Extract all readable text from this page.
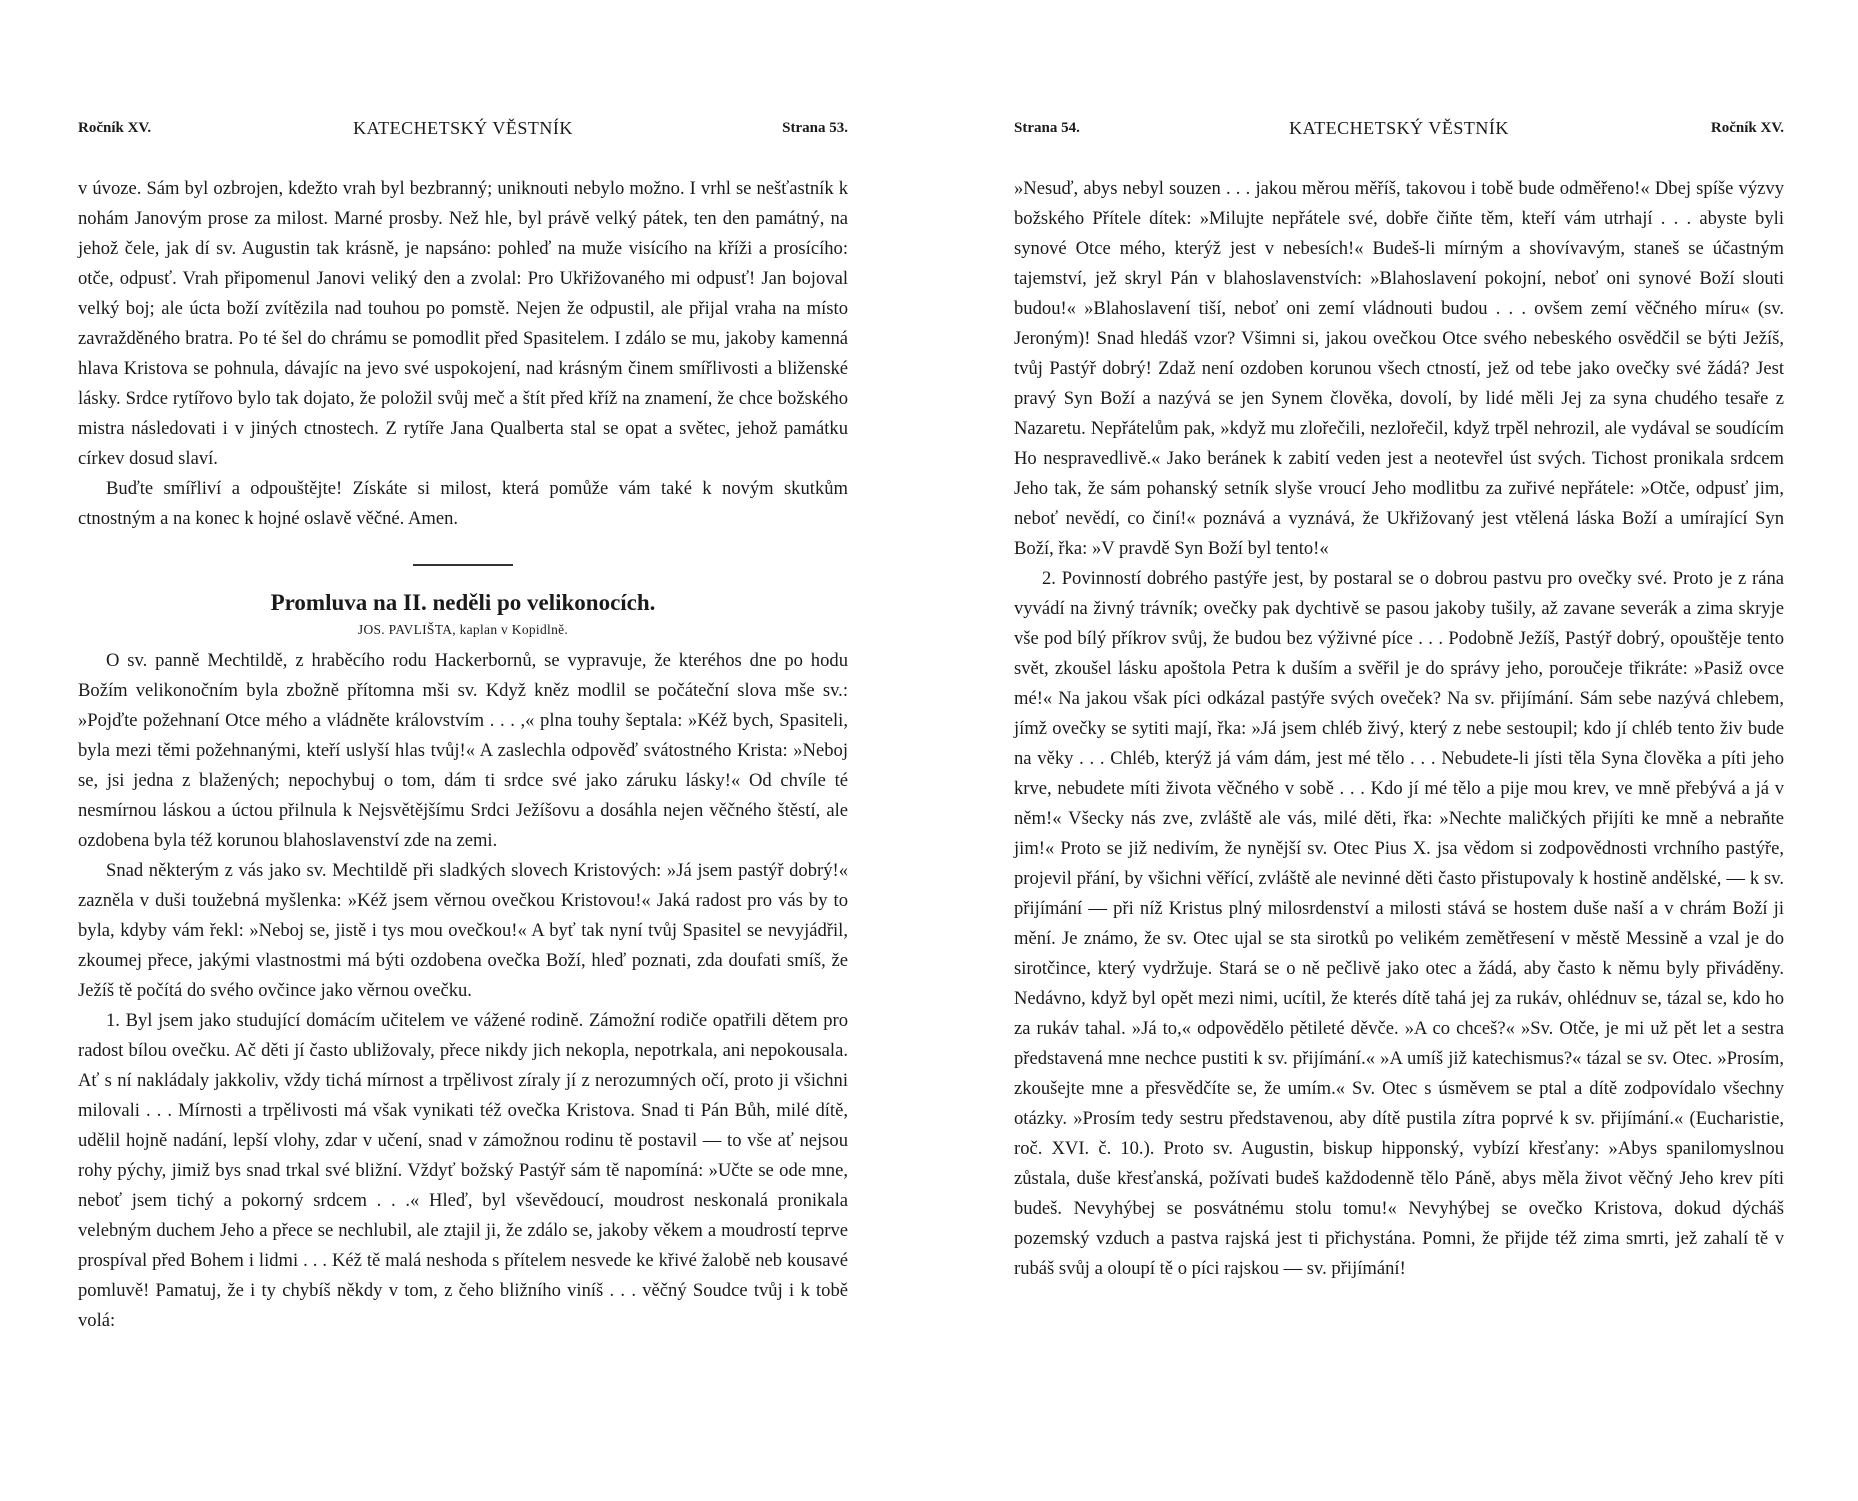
Ročník XV.	KATECHETSKÝ VĚSTNÍK	Strana 53.

v úvoze. Sám byl ozbrojen, kdežto vrah byl bezbranný; uniknouti nebylo možno. I vrhl se nešťastník k nohám Janovým prose za milost. Marné prosby. Než hle, byl právě velký pátek, ten den památný, na jehož čele, jak dí sv. Augustin tak krásně, je napsáno: pohleď na muže visícího na kříži a prosícího: otče, odpusť. Vrah připomenul Janovi veliký den a zvolal: Pro Ukřižovaného mi odpusť! Jan bojoval velký boj; ale úcta boží zvítězila nad touhou po pomstě. Nejen že odpustil, ale přijal vraha na místo zavražděného bratra. Po té šel do chrámu se pomodlit před Spasitelem. I zdálo se mu, jakoby kamenná hlava Kristova se pohnula, dávajíc na jevo své uspokojení, nad krásným činem smířlivosti a bliženské lásky. Srdce rytířovo bylo tak dojato, že položil svůj meč a štít před kříž na znamení, že chce božského mistra následovati i v jiných ctnostech. Z rytíře Jana Qualberta stal se opat a světec, jehož památku církev dosud slaví.

Buďte smířliví a odpouštějte! Získáte si milost, která pomůže vám také k novým skutkům ctnostným a na konec k hojné oslavě věčné. Amen.

Promluva na II. neděli po velikonocích.
JOS. PAVLIŠTA, kaplan v Kopidlně.

O sv. panně Mechtildě, z hraběcího rodu Hackerbornů, se vypravuje, že kteréhos dne po hodu Božím velikonočním byla zbožně přítomna mši sv. Když kněz modlil se počáteční slova mše sv.: »Pojďte požehnaní Otce mého a vládněte královstvím . . . ,« plna touhy šeptala: »Kéž bych, Spasiteli, byla mezi těmi požehnanými, kteří uslyší hlas tvůj!« A zaslechla odpověď svátostného Krista: »Neboj se, jsi jedna z blažených; nepochybuj o tom, dám ti srdce své jako záruku lásky!« Od chvíle té nesmírnou láskou a úctou přilnula k Nejsvětějšímu Srdci Ježíšovu a dosáhla nejen věčného štěstí, ale ozdobena byla též korunou blahoslavenství zde na zemi.

Snad některým z vás jako sv. Mechtildě při sladkých slovech Kristových: »Já jsem pastýř dobrý!« zazněla v duši toužebná myšlenka: »Kéž jsem věrnou ovečkou Kristovou!« Jaká radost pro vás by to byla, kdyby vám řekl: »Neboj se, jistě i tys mou ovečkou!« A byť tak nyní tvůj Spasitel se nevyjádřil, zkoumej přece, jakými vlastnostmi má býti ozdobena ovečka Boží, hleď poznati, zda doufati smíš, že Ježíš tě počítá do svého ovčince jako věrnou ovečku.

1. Byl jsem jako studující domácím učitelem ve vážené rodině. Zámožní rodiče opatřili dětem pro radost bílou ovečku. Ač děti jí často ubližovaly, přece nikdy jich nekopla, nepotrkala, ani nepokousala. Ať s ní nakládaly jakkoliv, vždy tichá mírnost a trpělivost zíraly jí z nerozumných očí, proto ji všichni milovali . . . Mírnosti a trpělivosti má však vynikati též ovečka Kristova. Snad ti Pán Bůh, milé dítě, udělil hojně nadání, lepší vlohy, zdar v učení, snad v zámožnou rodinu tě postavil — to vše ať nejsou rohy pýchy, jimiž bys snad trkal své bližní. Vždyť božský Pastýř sám tě napomíná: »Učte se ode mne, neboť jsem tichý a pokorný srdcem . . .« Hleď, byl vševědoucí, moudrost neskonalá pronikala velebným duchem Jeho a přece se nechlubil, ale ztajil ji, že zdálo se, jakoby věkem a moudrostí teprve prospíval před Bohem i lidmi . . . Kéž tě malá neshoda s přítelem nesvede ke křivé žalobě neb kousavé pomluvě! Pamatuj, že i ty chybíš někdy v tom, z čeho bližního viníš . . . věčný Soudce tvůj i k tobě volá:

Strana 54.	KATECHETSKÝ VĚSTNÍK	Ročník XV.

»Nesuď, abys nebyl souzen . . . jakou měrou měříš, takovou i tobě bude odměřeno!« Dbej spíše výzvy božského Přítele dítek: »Milujte nepřátele své, dobře čiňte těm, kteří vám utrhají . . . abyste byli synové Otce mého, kterýž jest v nebesích!« Budeš-li mírným a shovívavým, staneš se účastným tajemství, jež skryl Pán v blahoslavenstvích: »Blahoslavení pokojní, neboť oni synové Boží slouti budou!« »Blahoslavení tiší, neboť oni zemí vládnouti budou . . . ovšem zemí věčného míru« (sv. Jeroným)! Snad hledáš vzor? Všimni si, jakou ovečkou Otce svého nebeského osvědčil se býti Ježíš, tvůj Pastýř dobrý! Zdaž není ozdoben korunou všech ctností, jež od tebe jako ovečky své žádá? Jest pravý Syn Boží a nazývá se jen Synem člověka, dovolí, by lidé měli Jej za syna chudého tesaře z Nazaretu. Nepřátelům pak, »když mu zlořečili, nezlořečil, když trpěl nehrozil, ale vydával se soudícím Ho nespravedlivě.« Jako beránek k zabití veden jest a neotevřel úst svých. Tichost pronikala srdcem Jeho tak, že sám pohanský setník slyše vroucí Jeho modlitbu za zuřivé nepřátele: »Otče, odpusť jim, neboť nevědí, co činí!« poznává a vyznává, že Ukřižovaný jest vtělená láska Boží a umírající Syn Boží, řka: »V pravdě Syn Boží byl tento!«

2. Povinností dobrého pastýře jest, by postaral se o dobrou pastvu pro ovečky své. Proto je z rána vyvádí na živný trávník; ovečky pak dychtivě se pasou jakoby tušily, až zavane severák a zima skryje vše pod bílý příkrov svůj, že budou bez výživné píce . . . Podobně Ježíš, Pastýř dobrý, opouštěje tento svět, zkoušel lásku apoštola Petra k duším a svěřil je do správy jeho, poroučeje třikráte: »Pasiž ovce mé!« Na jakou však píci odkázal pastýře svých oveček? Na sv. přijímání. Sám sebe nazývá chlebem, jímž ovečky se sytiti mají, řka: »Já jsem chléb živý, který z nebe sestoupil; kdo jí chléb tento živ bude na věky . . . Chléb, kterýž já vám dám, jest mé tělo . . . Nebudete-li jísti těla Syna člověka a píti jeho krve, nebudete míti života věčného v sobě . . . Kdo jí mé tělo a pije mou krev, ve mně přebývá a já v něm!« Všecky nás zve, zvláště ale vás, milé děti, řka: »Nechte maličkých přijíti ke mně a nebraňte jim!« Proto se již nedivím, že nynější sv. Otec Pius X. jsa vědom si zodpovědnosti vrchního pastýře, projevil přání, by všichni věřící, zvláště ale nevinné děti často přistupovaly k hostině andělské, — k sv. přijímání — při níž Kristus plný milosrdenství a milosti stává se hostem duše naší a v chrám Boží ji mění. Je známo, že sv. Otec ujal se sta sirotků po velikém zemětřesení v městě Messině a vzal je do sirotčince, který vydržuje. Stará se o ně pečlivě jako otec a žádá, aby často k němu byly přiváděny. Nedávno, když byl opět mezi nimi, ucítil, že kterés dítě tahá jej za rukáv, ohlédnuv se, tázal se, kdo ho za rukáv tahal. »Já to,« odpovědělo pětileté děvče. »A co chceš?« »Sv. Otče, je mi už pět let a sestra představená mne nechce pustiti k sv. přijímání.« »A umíš již katechismus?« tázal se sv. Otec. »Prosím, zkoušejte mne a přesvědčíte se, že umím.« Sv. Otec s úsměvem se ptal a dítě zodpovídalo všechny otázky. »Prosím tedy sestru představenou, aby dítě pustila zítra poprvé k sv. přijímání.« (Eucharistie, roč. XVI. č. 10.). Proto sv. Augustin, biskup hipponský, vybízí křesťany: »Abys spanilomyslnou zůstala, duše křesťanská, požívati budeš každodenně tělo Páně, abys měla život věčný Jeho krev píti budeš. Nevyhýbej se posvátnému stolu tomu!« Nevyhýbej se ovečko Kristova, dokud dýcháš pozemský vzduch a pastva rajská jest ti přichystána. Pomni, že přijde též zima smrti, jež zahalí tě v rubáš svůj a oloupí tě o píci rajskou — sv. přijímání!
